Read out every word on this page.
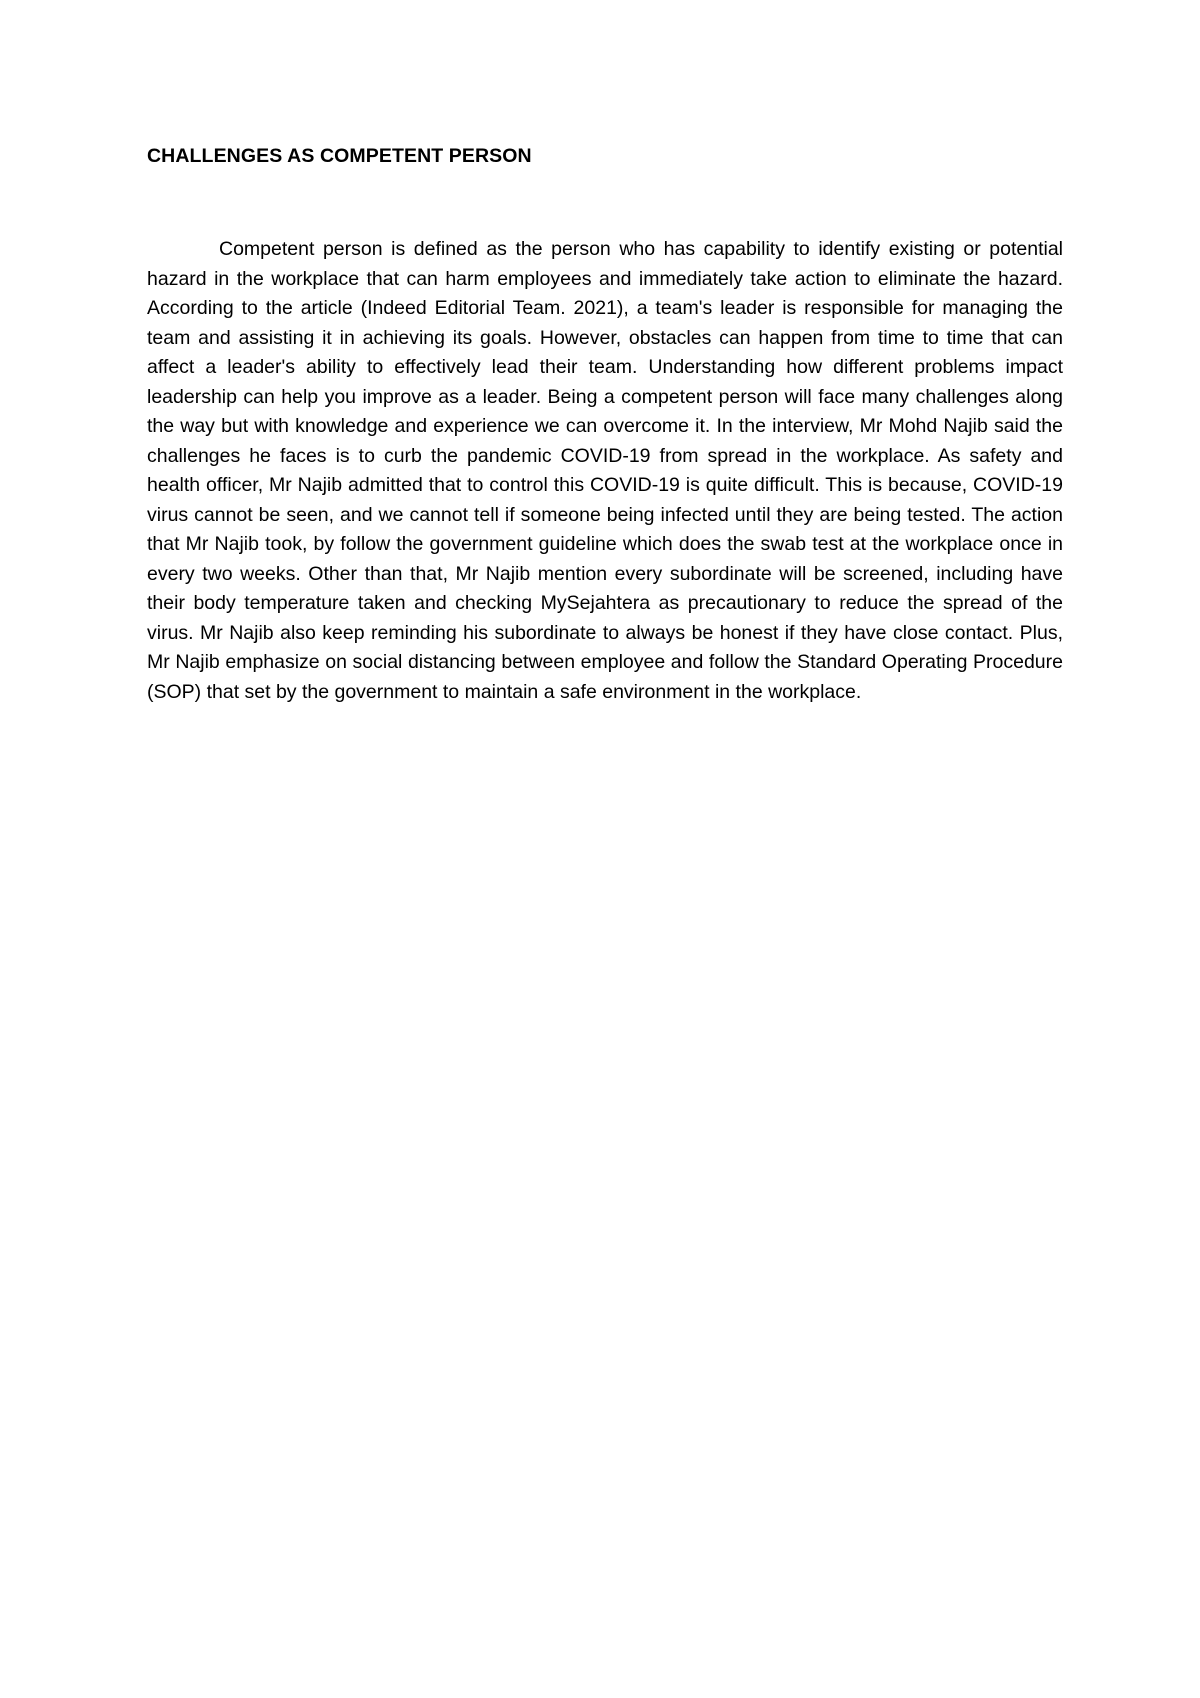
CHALLENGES AS COMPETENT PERSON

Competent person is defined as the person who has capability to identify existing or potential hazard in the workplace that can harm employees and immediately take action to eliminate the hazard. According to the article (Indeed Editorial Team. 2021), a team's leader is responsible for managing the team and assisting it in achieving its goals. However, obstacles can happen from time to time that can affect a leader's ability to effectively lead their team. Understanding how different problems impact leadership can help you improve as a leader. Being a competent person will face many challenges along the way but with knowledge and experience we can overcome it. In the interview, Mr Mohd Najib said the challenges he faces is to curb the pandemic COVID-19 from spread in the workplace. As safety and health officer, Mr Najib admitted that to control this COVID-19 is quite difficult. This is because, COVID-19 virus cannot be seen, and we cannot tell if someone being infected until they are being tested. The action that Mr Najib took, by follow the government guideline which does the swab test at the workplace once in every two weeks. Other than that, Mr Najib mention every subordinate will be screened, including have their body temperature taken and checking MySejahtera as precautionary to reduce the spread of the virus. Mr Najib also keep reminding his subordinate to always be honest if they have close contact. Plus, Mr Najib emphasize on social distancing between employee and follow the Standard Operating Procedure (SOP) that set by the government to maintain a safe environment in the workplace.
